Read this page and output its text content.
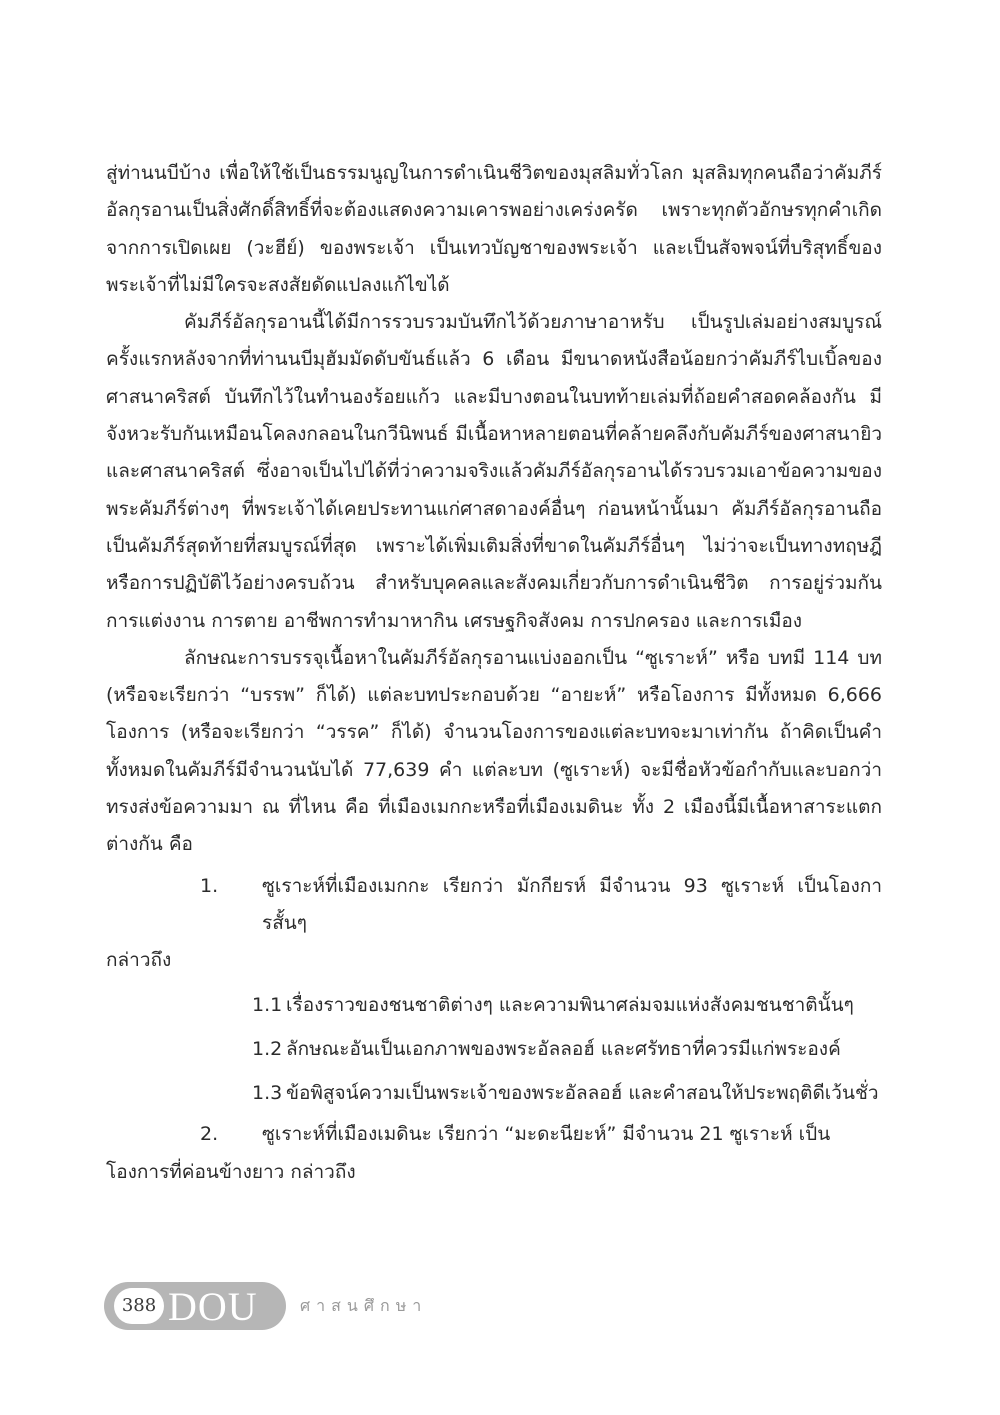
สู่ท่านนบีบ้าง เพื่อให้ใช้เป็นธรรมนูญในการดำเนินชีวิตของมุสลิมทั่วโลก มุสลิมทุกคนถือว่าคัมภีร์อัลกุรอานเป็นสิ่งศักดิ์สิทธิ์ที่จะต้องแสดงความเคารพอย่างเคร่งครัด เพราะทุกตัวอักษรทุกคำเกิดจากการเปิดเผย (วะฮีย์) ของพระเจ้า เป็นเทวบัญชาของพระเจ้า และเป็นสัจพจน์ที่บริสุทธิ์ของพระเจ้าที่ไม่มีใครจะสงสัยดัดแปลงแก้ไขได้

คัมภีร์อัลกุรอานนี้ได้มีการรวบรวมบันทึกไว้ด้วยภาษาอาหรับ เป็นรูปเล่มอย่างสมบูรณ์ครั้งแรกหลังจากที่ท่านนบีมุฮัมมัดดับขันธ์แล้ว 6 เดือน มีขนาดหนังสือน้อยกว่าคัมภีร์ไบเบิ้ลของศาสนาคริสต์ บันทึกไว้ในทำนองร้อยแก้ว และมีบางตอนในบทท้ายเล่มที่ถ้อยคำสอดคล้องกัน มีจังหวะรับกันเหมือนโคลงกลอนในกวีนิพนธ์ มีเนื้อหาหลายตอนที่คล้ายคลึงกับคัมภีร์ของศาสนายิวและศาสนาคริสต์ ซึ่งอาจเป็นไปได้ที่ว่าความจริงแล้วคัมภีร์อัลกุรอานได้รวบรวมเอาข้อความของพระคัมภีร์ต่างๆ ที่พระเจ้าได้เคยประทานแก่ศาสดาองค์อื่นๆ ก่อนหน้านั้นมา คัมภีร์อัลกุรอานถือเป็นคัมภีร์สุดท้ายที่สมบูรณ์ที่สุด เพราะได้เพิ่มเติมสิ่งที่ขาดในคัมภีร์อื่นๆ ไม่ว่าจะเป็นทางทฤษฎีหรือการปฏิบัติไว้อย่างครบถ้วน สำหรับบุคคลและสังคมเกี่ยวกับการดำเนินชีวิต การอยู่ร่วมกัน การแต่งงาน การตาย อาชีพการทำมาหากิน เศรษฐกิจสังคม การปกครอง และการเมือง

ลักษณะการบรรจุเนื้อหาในคัมภีร์อัลกุรอานแบ่งออกเป็น “ซูเราะห์” หรือ บทมี 114 บท (หรือจะเรียกว่า “บรรพ” ก็ได้) แต่ละบทประกอบด้วย “อายะห์” หรือโองการ มีทั้งหมด 6,666 โองการ (หรือจะเรียกว่า “วรรค” ก็ได้) จำนวนโองการของแต่ละบทจะมาเท่ากัน ถ้าคิดเป็นคำทั้งหมดในคัมภีร์มีจำนวนนับได้ 77,639 คำ แต่ละบท (ซูเราะห์) จะมีชื่อหัวข้อกำกับและบอกว่า ทรงส่งข้อความมา ณ ที่ไหน คือ ที่เมืองเมกกะหรือที่เมืองเมดินะ ทั้ง 2 เมืองนี้มีเนื้อหาสาระแตกต่างกัน คือ

1.	ซูเราะห์ที่เมืองเมกกะ เรียกว่า มักกียรห์ มีจำนวน 93 ซูเราะห์ เป็นโองการสั้นๆ

กล่าวถึง

1.1 เรื่องราวของชนชาติต่างๆ และความพินาศล่มจมแห่งสังคมชนชาตินั้นๆ
1.2 ลักษณะอันเป็นเอกภาพของพระอัลลอฮ์ และศรัทธาที่ควรมีแก่พระองค์
1.3 ข้อพิสูจน์ความเป็นพระเจ้าของพระอัลลอฮ์ และคำสอนให้ประพฤติดีเว้นชั่ว
2.	ซูเราะห์ที่เมืองเมดินะ เรียกว่า “มะดะนียะห์” มีจำนวน 21 ซูเราะห์ เป็น

โองการที่ค่อนข้างยาว กล่าวถึง

388 DOU	ศาสนศึกษา
